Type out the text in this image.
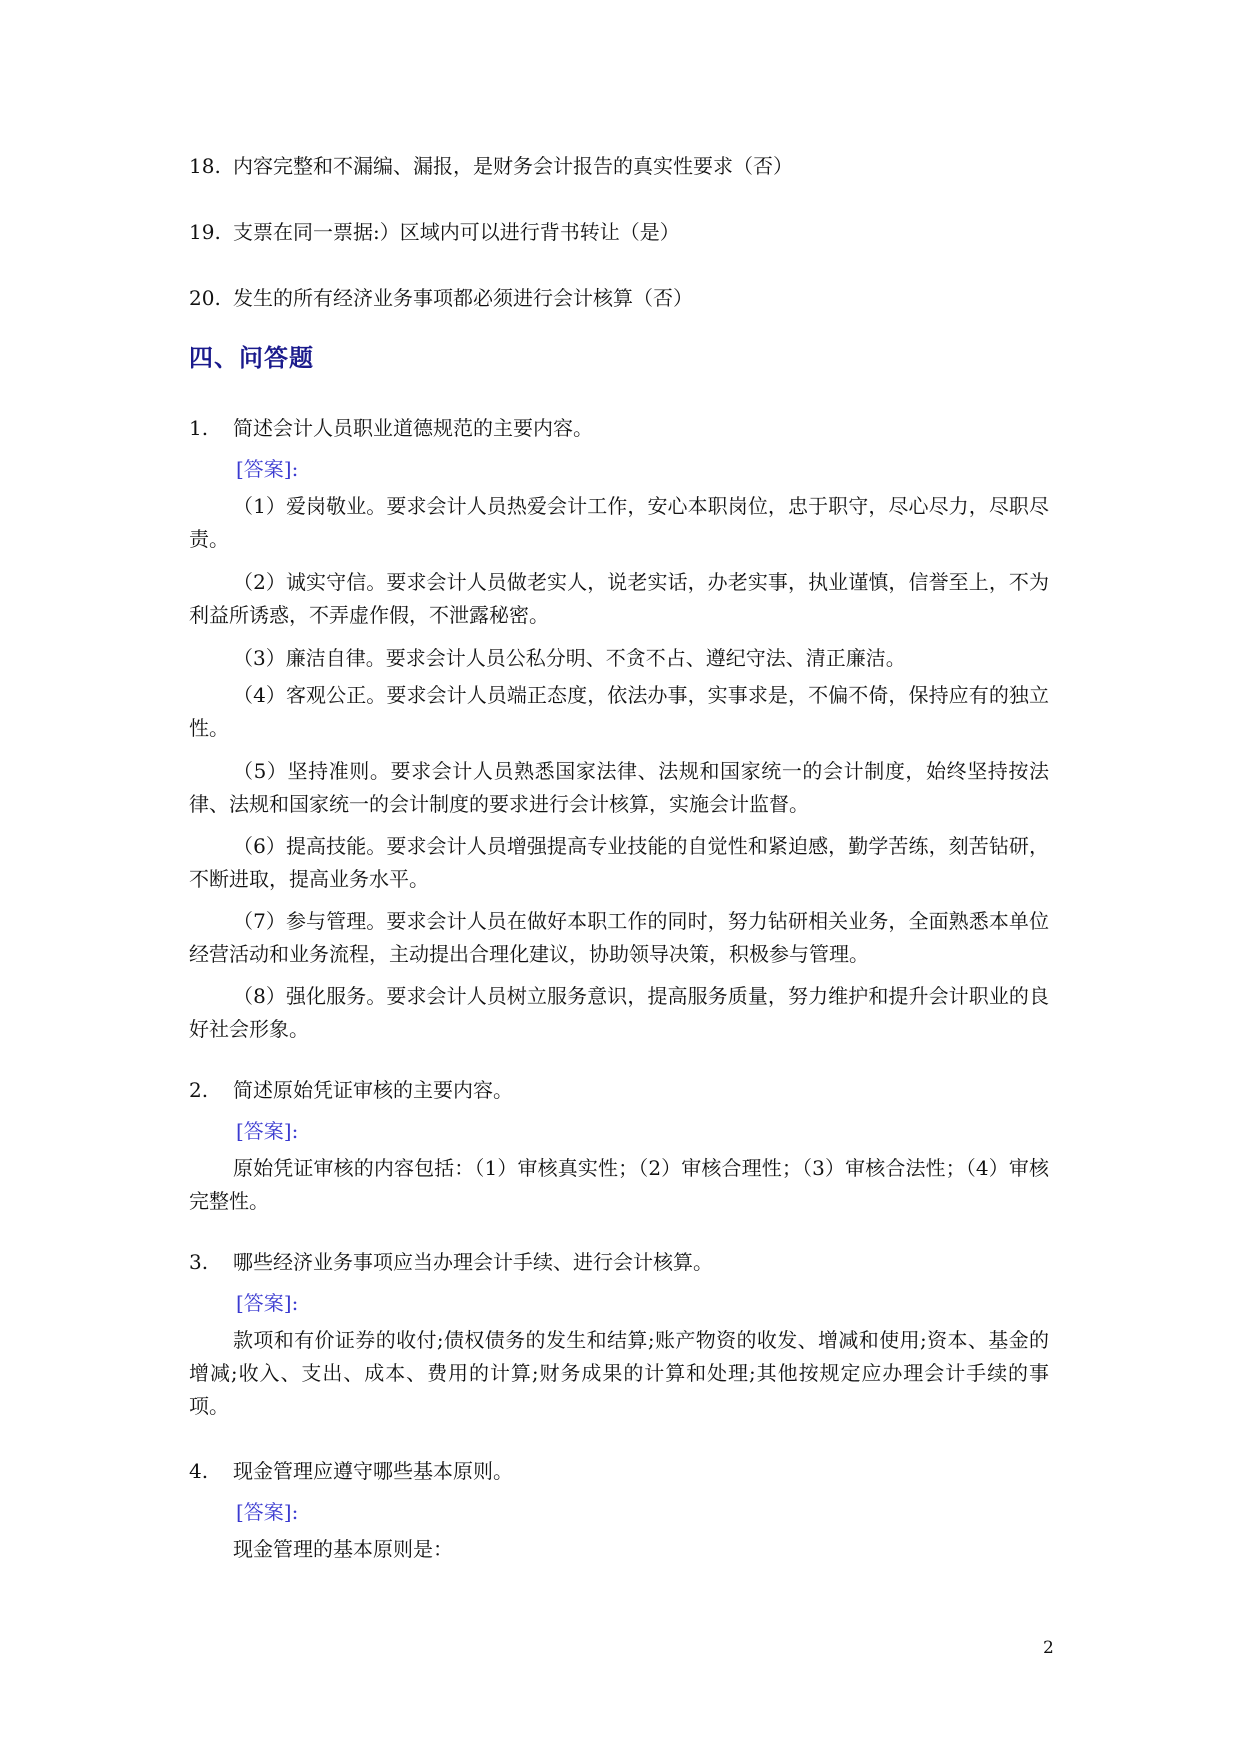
18. 内容完整和不漏编、漏报，是财务会计报告的真实性要求（否）
19. 支票在同一票据:）区域内可以进行背书转让（是）
20. 发生的所有经济业务事项都必须进行会计核算（否）
四、问答题
1. 简述会计人员职业道德规范的主要内容。
[答案]:
（1）爱岗敬业。要求会计人员热爱会计工作，安心本职岗位，忠于职守，尽心尽力，尽职尽责。
（2）诚实守信。要求会计人员做老实人，说老实话，办老实事，执业谨慎，信誉至上，不为利益所诱惑，不弄虚作假，不泄露秘密。
（3）廉洁自律。要求会计人员公私分明、不贪不占、遵纪守法、清正廉洁。
（4）客观公正。要求会计人员端正态度，依法办事，实事求是，不偏不倚，保持应有的独立性。
（5）坚持准则。要求会计人员熟悉国家法律、法规和国家统一的会计制度，始终坚持按法律、法规和国家统一的会计制度的要求进行会计核算，实施会计监督。
（6）提高技能。要求会计人员增强提高专业技能的自觉性和紧迫感，勤学苦练，刻苦钻研，不断进取，提高业务水平。
（7）参与管理。要求会计人员在做好本职工作的同时，努力钻研相关业务，全面熟悉本单位经营活动和业务流程，主动提出合理化建议，协助领导决策，积极参与管理。
（8）强化服务。要求会计人员树立服务意识，提高服务质量，努力维护和提升会计职业的良好社会形象。
2. 简述原始凭证审核的主要内容。
[答案]:
原始凭证审核的内容包括：（1）审核真实性；（2）审核合理性；（3）审核合法性；（4）审核完整性。
3. 哪些经济业务事项应当办理会计手续、进行会计核算。
[答案]:
款项和有价证券的收付;债权债务的发生和结算;账产物资的收发、增减和使用;资本、基金的增减;收入、支出、成本、费用的计算;财务成果的计算和处理;其他按规定应办理会计手续的事项。
4. 现金管理应遵守哪些基本原则。
[答案]:
现金管理的基本原则是：
2
